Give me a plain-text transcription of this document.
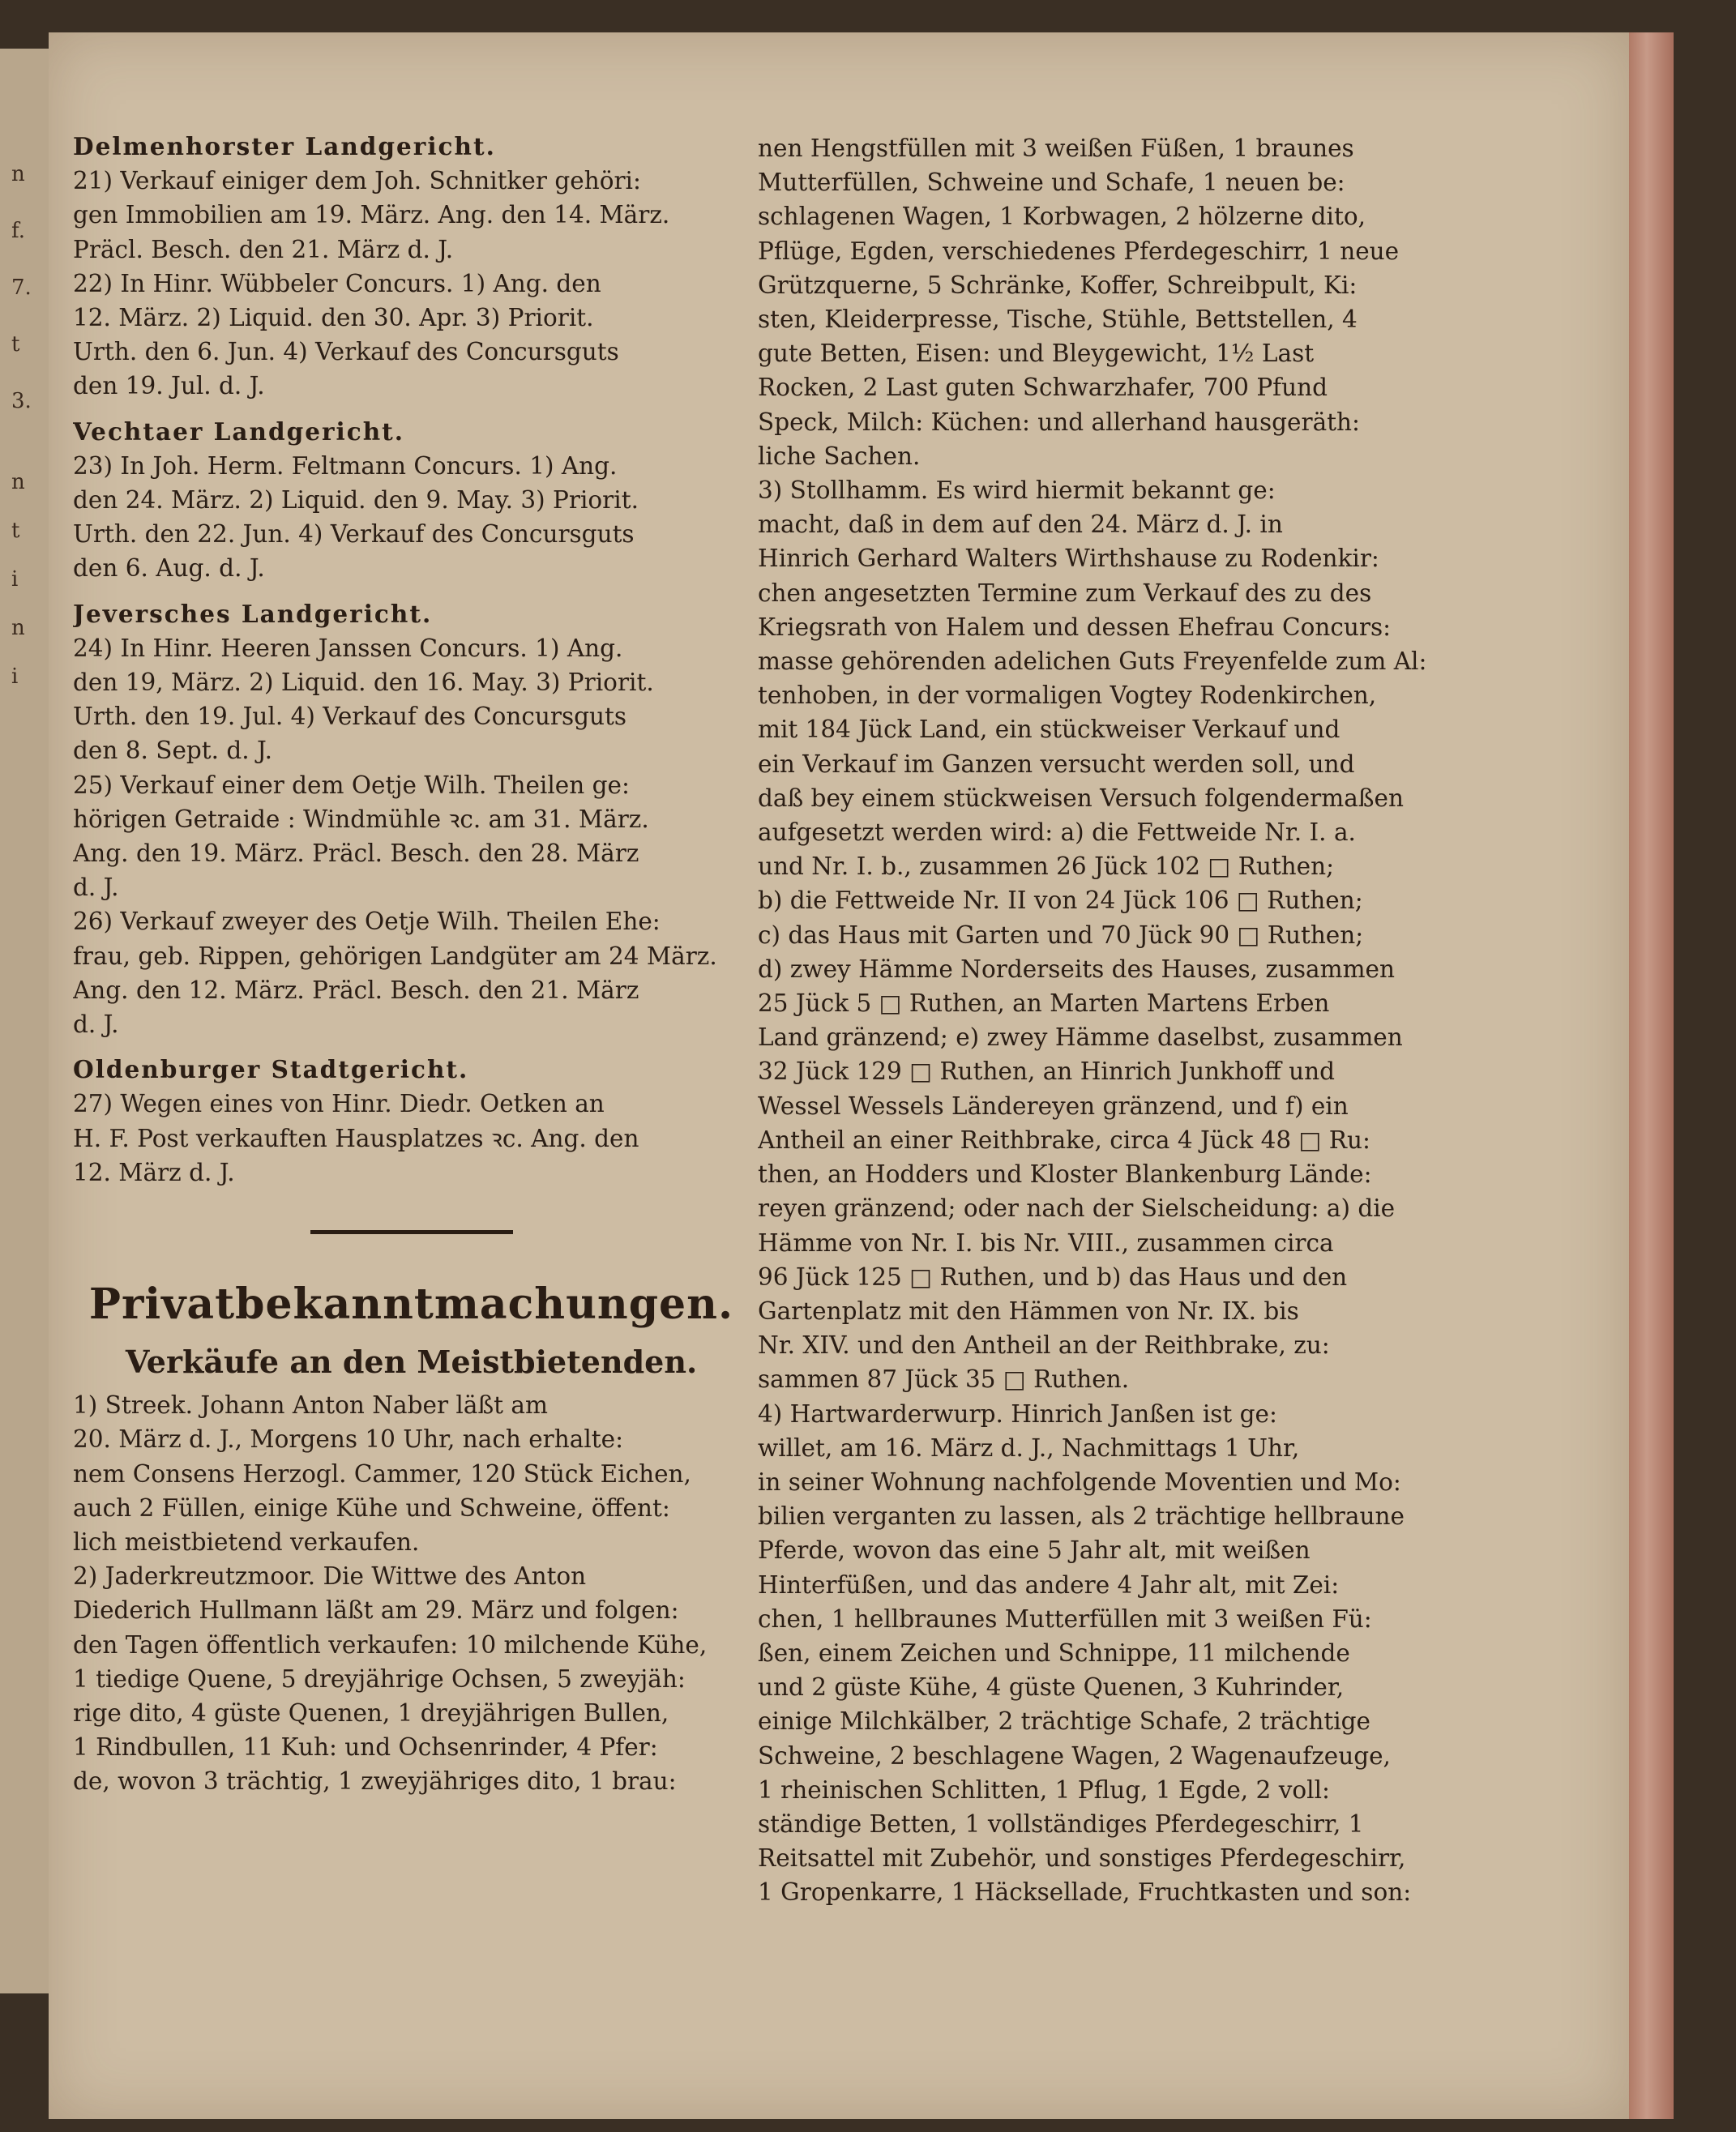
n
f.
7.
t
3.
n
t
i
n
i
Delmenhorster Landgericht.
21) Verkauf einiger dem Joh. Schnitker gehöri:
gen Immobilien am 19. März. Ang. den 14. März.
Präcl. Besch. den 21. März d. J.
22) In Hinr. Wübbeler Concurs. 1) Ang. den
12. März. 2) Liquid. den 30. Apr. 3) Priorit.
Urth. den 6. Jun. 4) Verkauf des Concursguts
den 19. Jul. d. J.
Vechtaer Landgericht.
23) In Joh. Herm. Feltmann Concurs. 1) Ang.
den 24. März. 2) Liquid. den 9. May. 3) Priorit.
Urth. den 22. Jun. 4) Verkauf des Concursguts
den 6. Aug. d. J.
Jeversches Landgericht.
24) In Hinr. Heeren Janssen Concurs. 1) Ang.
den 19, März. 2) Liquid. den 16. May. 3) Priorit.
Urth. den 19. Jul. 4) Verkauf des Concursguts
den 8. Sept. d. J.
25) Verkauf einer dem Oetje Wilh. Theilen ge:
hörigen Getraide : Windmühle ꝛc. am 31. März.
Ang. den 19. März. Präcl. Besch. den 28. März
d. J.
26) Verkauf zweyer des Oetje Wilh. Theilen Ehe:
frau, geb. Rippen, gehörigen Landgüter am 24 März.
Ang. den 12. März. Präcl. Besch. den 21. März
d. J.
Oldenburger Stadtgericht.
27) Wegen eines von Hinr. Diedr. Oetken an
H. F. Post verkauften Hausplatzes ꝛc. Ang. den
12. März d. J.
Privatbekanntmachungen.
Verkäufe an den Meistbietenden.
1) Streek. Johann Anton Naber läßt am
20. März d. J., Morgens 10 Uhr, nach erhalte:
nem Consens Herzogl. Cammer, 120 Stück Eichen,
auch 2 Füllen, einige Kühe und Schweine, öffent:
lich meistbietend verkaufen.
2) Jaderkreutzmoor. Die Wittwe des Anton
Diederich Hullmann läßt am 29. März und folgen:
den Tagen öffentlich verkaufen: 10 milchende Kühe,
1 tiedige Quene, 5 dreyjährige Ochsen, 5 zweyjäh:
rige dito, 4 güste Quenen, 1 dreyjährigen Bullen,
1 Rindbullen, 11 Kuh: und Ochsenrinder, 4 Pfer:
de, wovon 3 trächtig, 1 zweyjähriges dito, 1 brau:
nen Hengstfüllen mit 3 weißen Füßen, 1 braunes
Mutterfüllen, Schweine und Schafe, 1 neuen be:
schlagenen Wagen, 1 Korbwagen, 2 hölzerne dito,
Pflüge, Egden, verschiedenes Pferdegeschirr, 1 neue
Grützquerne, 5 Schränke, Koffer, Schreibpult, Ki:
sten, Kleiderpresse, Tische, Stühle, Bettstellen, 4
gute Betten, Eisen: und Bleygewicht, 1½ Last
Rocken, 2 Last guten Schwarzhafer, 700 Pfund
Speck, Milch: Küchen: und allerhand hausgeräth:
liche Sachen.
3) Stollhamm. Es wird hiermit bekannt ge:
macht, daß in dem auf den 24. März d. J. in
Hinrich Gerhard Walters Wirthshause zu Rodenkir:
chen angesetzten Termine zum Verkauf des zu des
Kriegsrath von Halem und dessen Ehefrau Concurs:
masse gehörenden adelichen Guts Freyenfelde zum Al:
tenhoben, in der vormaligen Vogtey Rodenkirchen,
mit 184 Jück Land, ein stückweiser Verkauf und
ein Verkauf im Ganzen versucht werden soll, und
daß bey einem stückweisen Versuch folgendermaßen
aufgesetzt werden wird: a) die Fettweide Nr. I. a.
und Nr. I. b., zusammen 26 Jück 102 □ Ruthen;
b) die Fettweide Nr. II von 24 Jück 106 □ Ruthen;
c) das Haus mit Garten und 70 Jück 90 □ Ruthen;
d) zwey Hämme Norderseits des Hauses, zusammen
25 Jück 5 □ Ruthen, an Marten Martens Erben
Land gränzend; e) zwey Hämme daselbst, zusammen
32 Jück 129 □ Ruthen, an Hinrich Junkhoff und
Wessel Wessels Ländereyen gränzend, und f) ein
Antheil an einer Reithbrake, circa 4 Jück 48 □ Ru:
then, an Hodders und Kloster Blankenburg Lände:
reyen gränzend; oder nach der Sielscheidung: a) die
Hämme von Nr. I. bis Nr. VIII., zusammen circa
96 Jück 125 □ Ruthen, und b) das Haus und den
Gartenplatz mit den Hämmen von Nr. IX. bis
Nr. XIV. und den Antheil an der Reithbrake, zu:
sammen 87 Jück 35 □ Ruthen.
4) Hartwarderwurp. Hinrich Janßen ist ge:
willet, am 16. März d. J., Nachmittags 1 Uhr,
in seiner Wohnung nachfolgende Moventien und Mo:
bilien verganten zu lassen, als 2 trächtige hellbraune
Pferde, wovon das eine 5 Jahr alt, mit weißen
Hinterfüßen, und das andere 4 Jahr alt, mit Zei:
chen, 1 hellbraunes Mutterfüllen mit 3 weißen Fü:
ßen, einem Zeichen und Schnippe, 11 milchende
und 2 güste Kühe, 4 güste Quenen, 3 Kuhrinder,
einige Milchkälber, 2 trächtige Schafe, 2 trächtige
Schweine, 2 beschlagene Wagen, 2 Wagenaufzeuge,
1 rheinischen Schlitten, 1 Pflug, 1 Egde, 2 voll:
ständige Betten, 1 vollständiges Pferdegeschirr, 1
Reitsattel mit Zubehör, und sonstiges Pferdegeschirr,
1 Gropenkarre, 1 Häcksellade, Fruchtkasten und son:
